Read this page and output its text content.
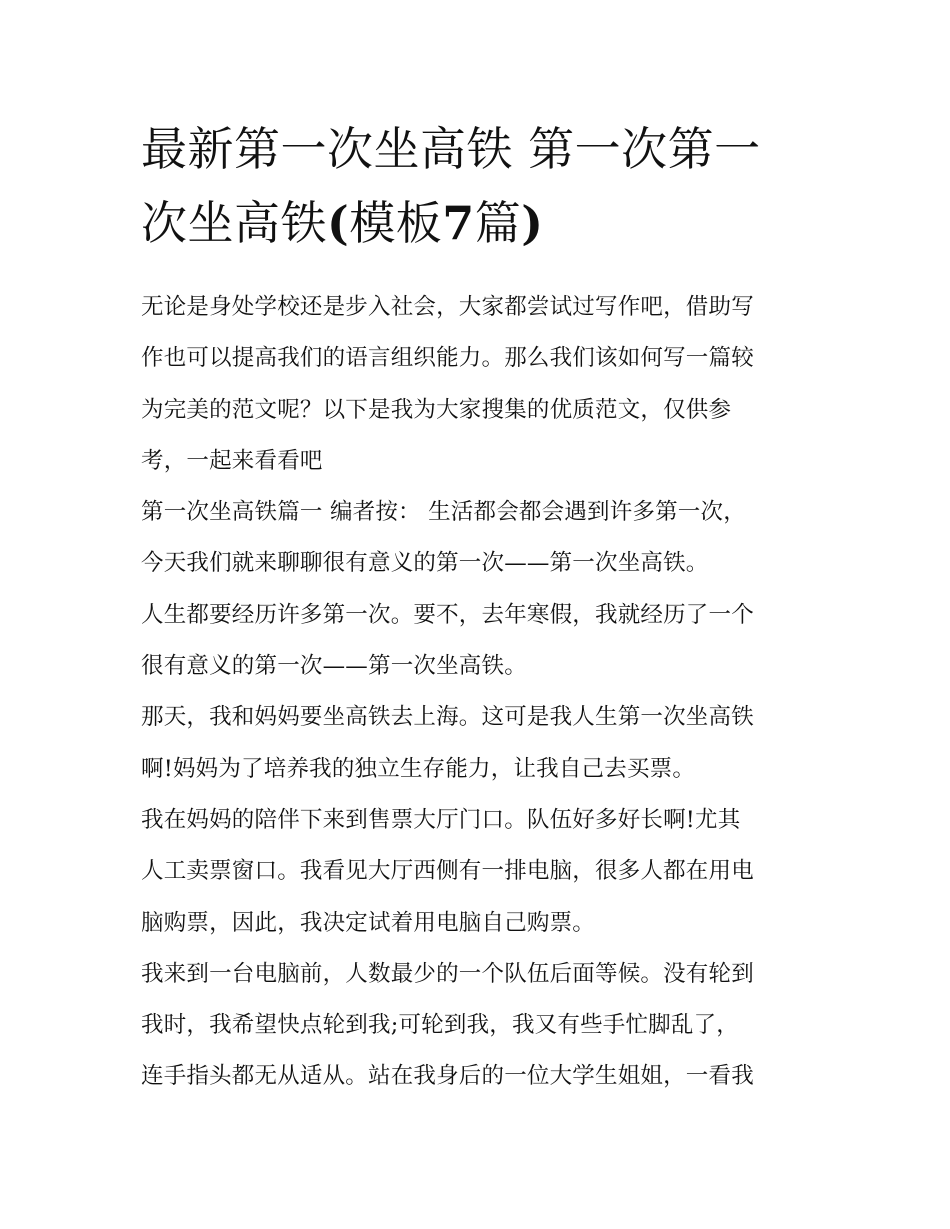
最新第一次坐高铁 第一次第一
次坐高铁(模板7篇)
无论是身处学校还是步入社会，大家都尝试过写作吧，借助写
作也可以提高我们的语言组织能力。那么我们该如何写一篇较
为完美的范文呢？以下是我为大家搜集的优质范文，仅供参
考，一起来看看吧
第一次坐高铁篇一 编者按： 生活都会都会遇到许多第一次，
今天我们就来聊聊很有意义的第一次——第一次坐高铁。
人生都要经历许多第一次。要不，去年寒假，我就经历了一个
很有意义的第一次——第一次坐高铁。
那天，我和妈妈要坐高铁去上海。这可是我人生第一次坐高铁
啊!妈妈为了培养我的独立生存能力，让我自己去买票。
我在妈妈的陪伴下来到售票大厅门口。队伍好多好长啊!尤其
人工卖票窗口。我看见大厅西侧有一排电脑，很多人都在用电
脑购票，因此，我决定试着用电脑自己购票。
我来到一台电脑前，人数最少的一个队伍后面等候。没有轮到
我时，我希望快点轮到我;可轮到我，我又有些手忙脚乱了，
连手指头都无从适从。站在我身后的一位大学生姐姐，一看我
